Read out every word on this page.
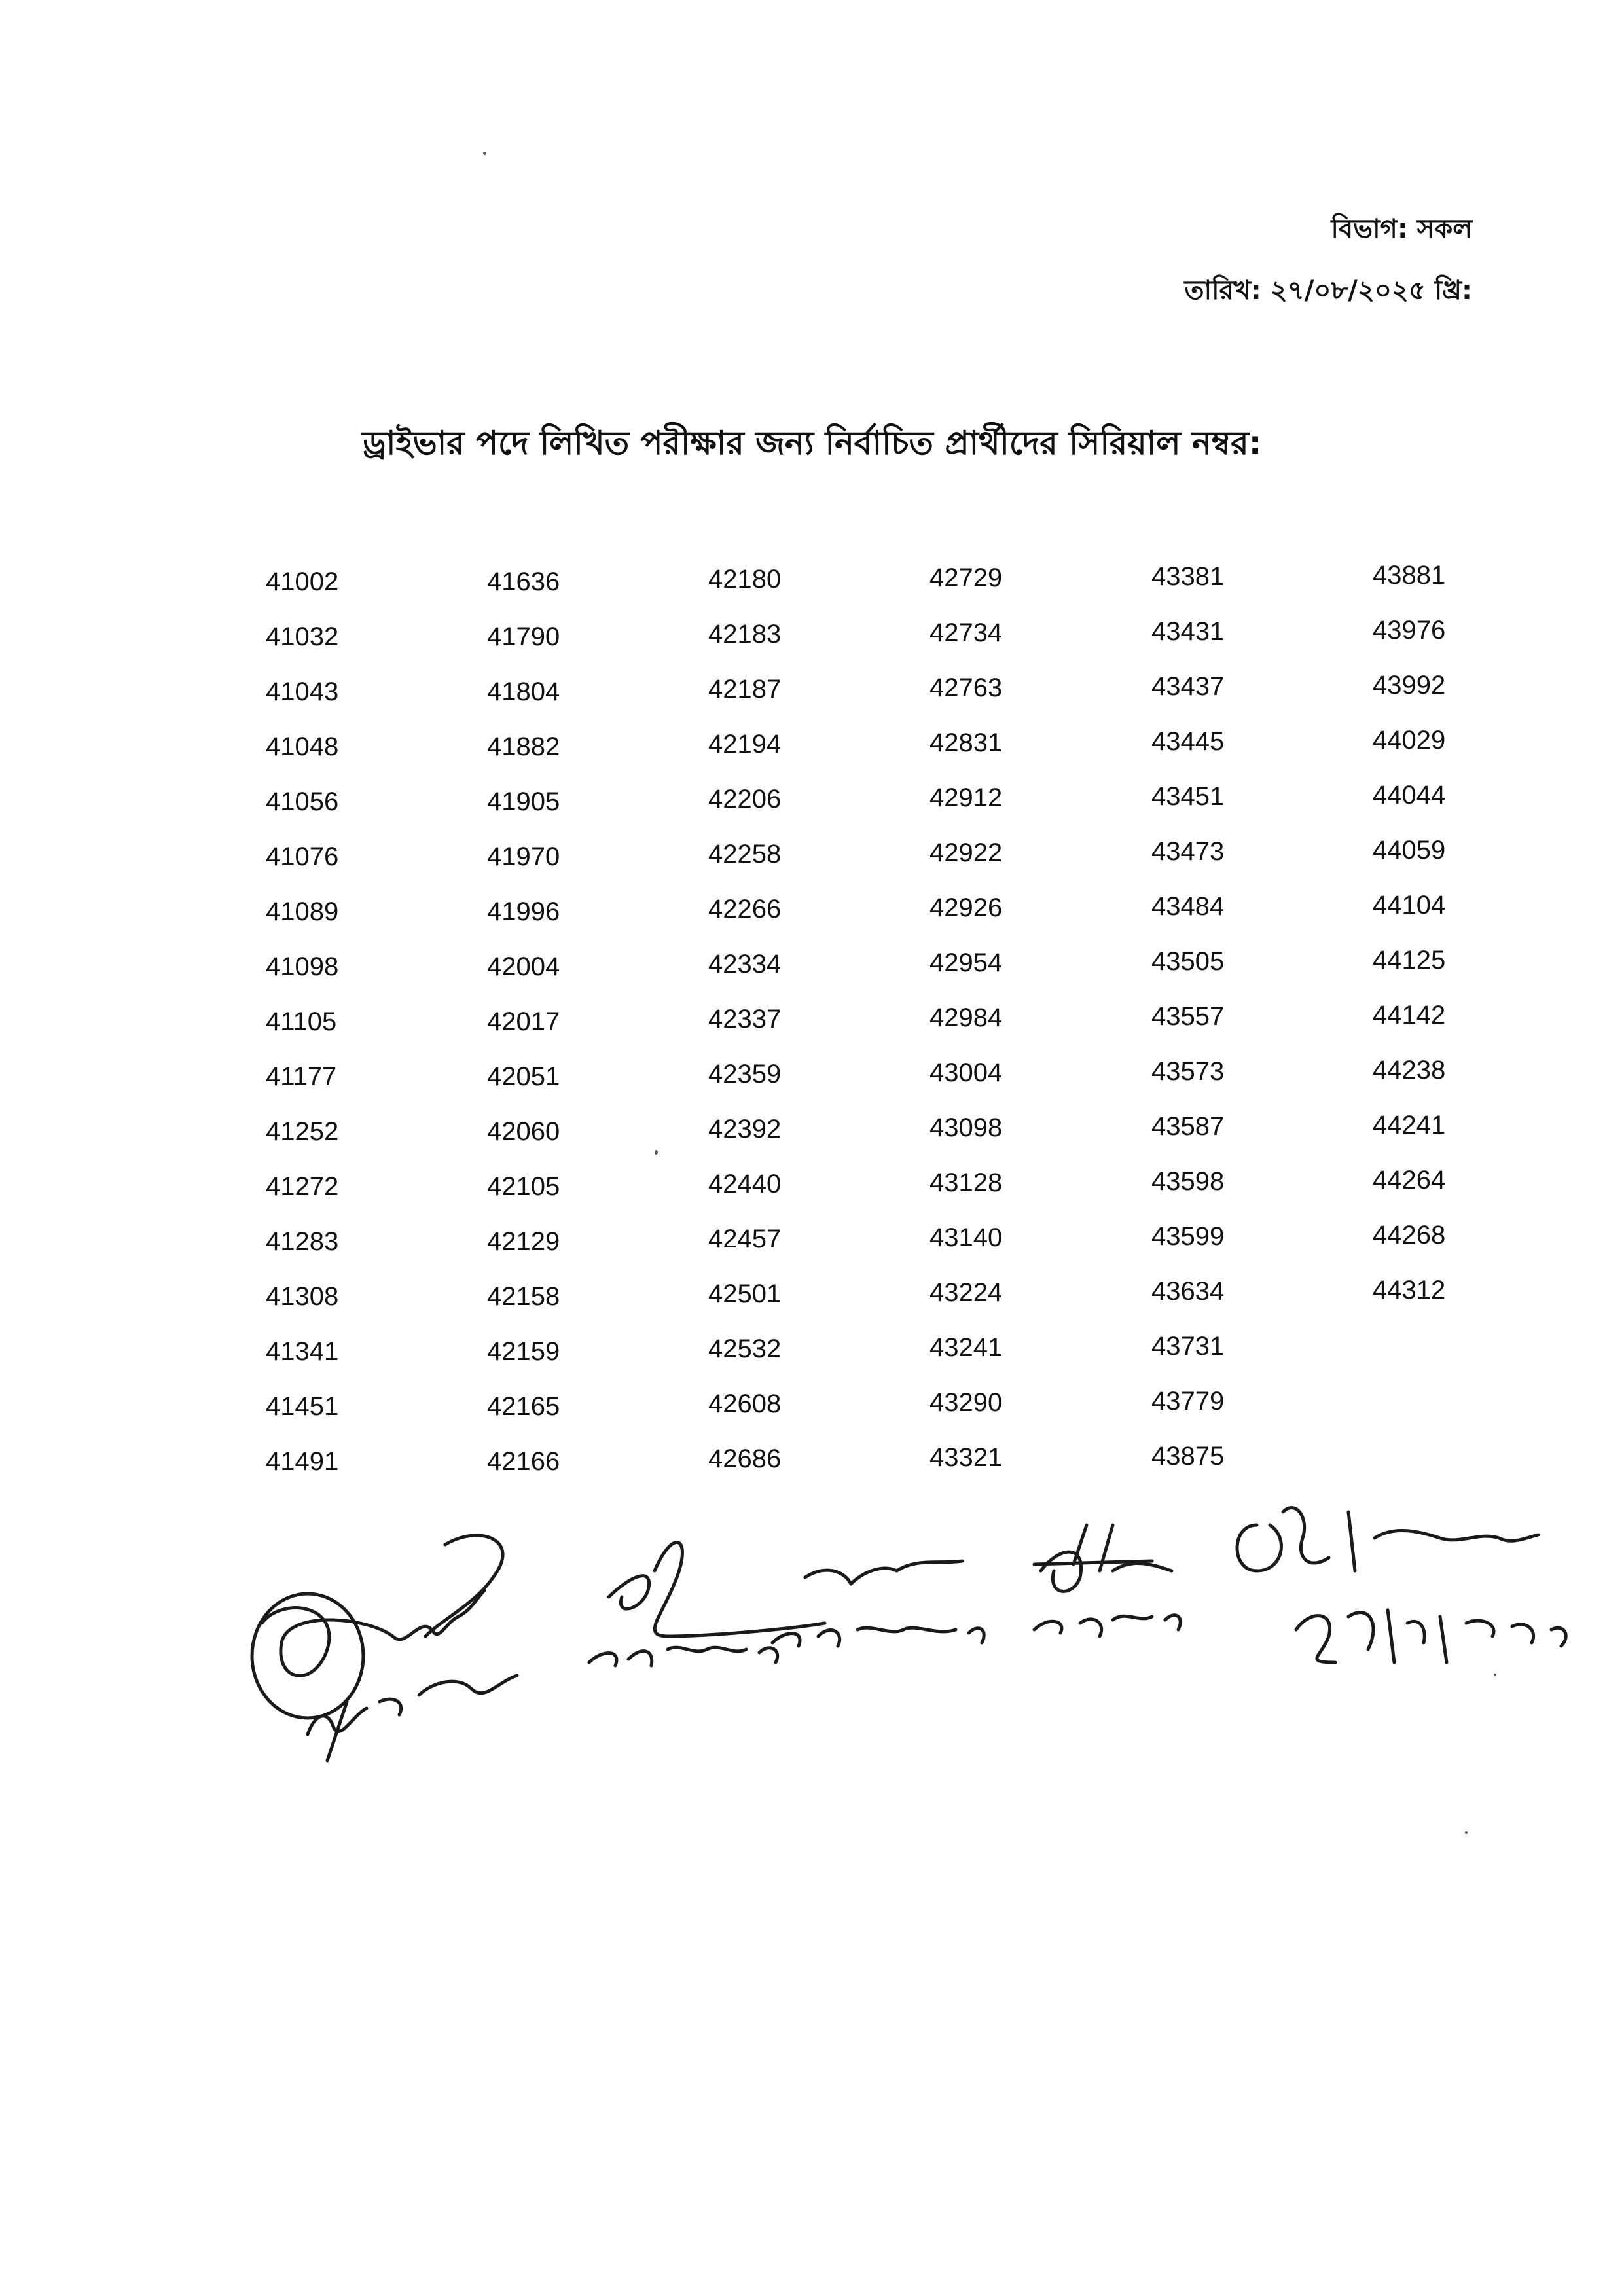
বিভাগ: সকল
তারিখ: ২৭/০৮/২০২৫ খ্রি:
ড্রাইভার পদে লিখিত পরীক্ষার জন্য নির্বাচিত প্রার্থীদের সিরিয়াল নম্বর:
41002
41032
41043
41048
41056
41076
41089
41098
41105
41177
41252
41272
41283
41308
41341
41451
41491
41636
41790
41804
41882
41905
41970
41996
42004
42017
42051
42060
42105
42129
42158
42159
42165
42166
42180
42183
42187
42194
42206
42258
42266
42334
42337
42359
42392
42440
42457
42501
42532
42608
42686
42729
42734
42763
42831
42912
42922
42926
42954
42984
43004
43098
43128
43140
43224
43241
43290
43321
43381
43431
43437
43445
43451
43473
43484
43505
43557
43573
43587
43598
43599
43634
43731
43779
43875
43881
43976
43992
44029
44044
44059
44104
44125
44142
44238
44241
44264
44268
44312
